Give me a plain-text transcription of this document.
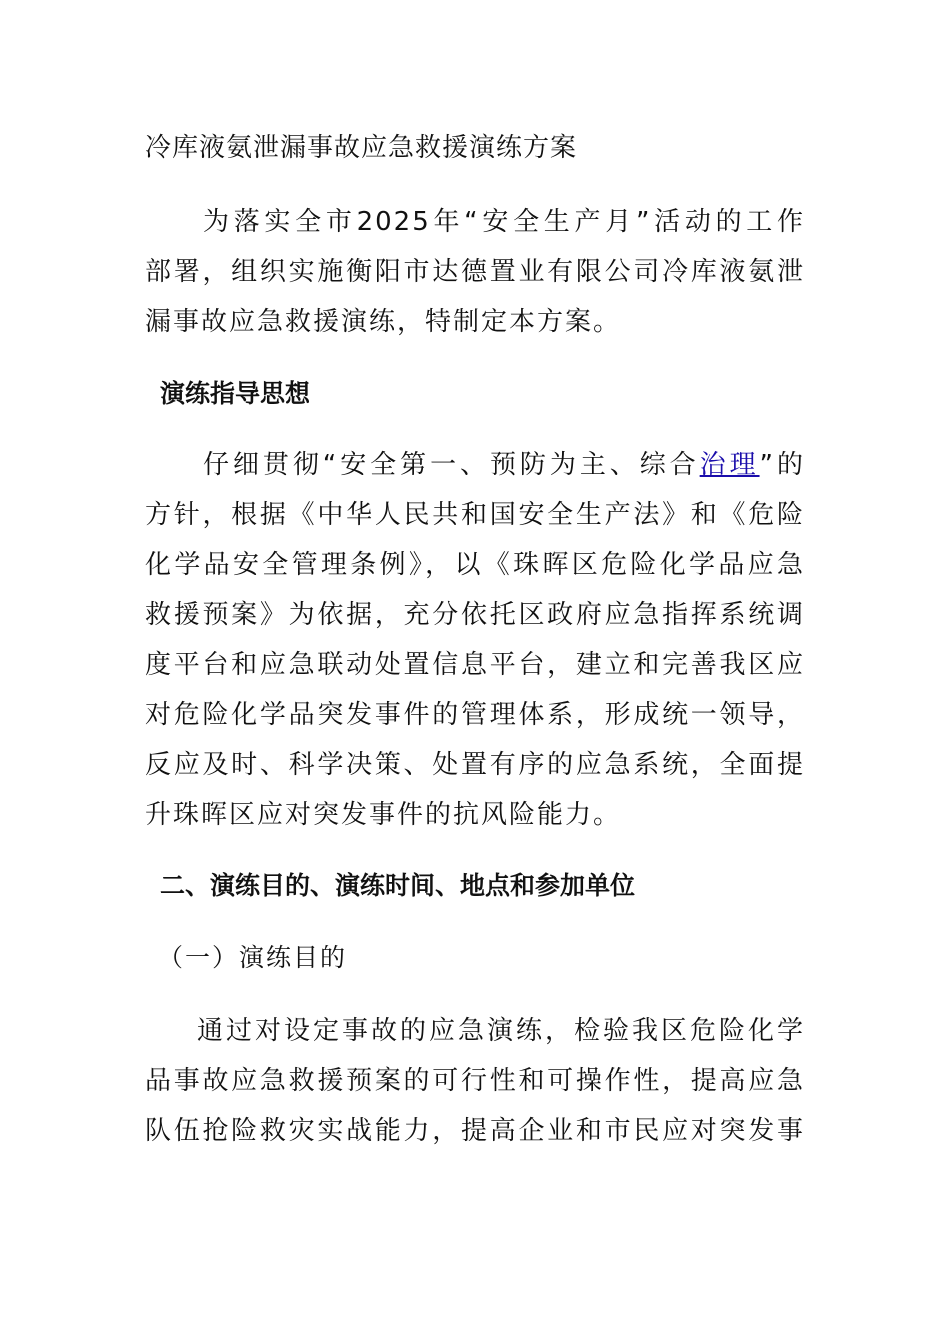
冷库液氨泄漏事故应急救援演练方案
为落实全市2025年“安全生产月”活动的工作
部署，组织实施衡阳市达德置业有限公司冷库液氨泄
漏事故应急救援演练，特制定本方案。
演练指导思想
仔细贯彻“安全第一、预防为主、综合治理”的
方针，根据《中华人民共和国安全生产法》和《危险
化学品安全管理条例》，以《珠晖区危险化学品应急
救援预案》为依据，充分依托区政府应急指挥系统调
度平台和应急联动处置信息平台，建立和完善我区应
对危险化学品突发事件的管理体系，形成统一领导，
反应及时、科学决策、处置有序的应急系统，全面提
升珠晖区应对突发事件的抗风险能力。
二、演练目的、演练时间、地点和参加单位
（一）演练目的
通过对设定事故的应急演练，检验我区危险化学
品事故应急救援预案的可行性和可操作性，提高应急
队伍抢险救灾实战能力，提高企业和市民应对突发事
